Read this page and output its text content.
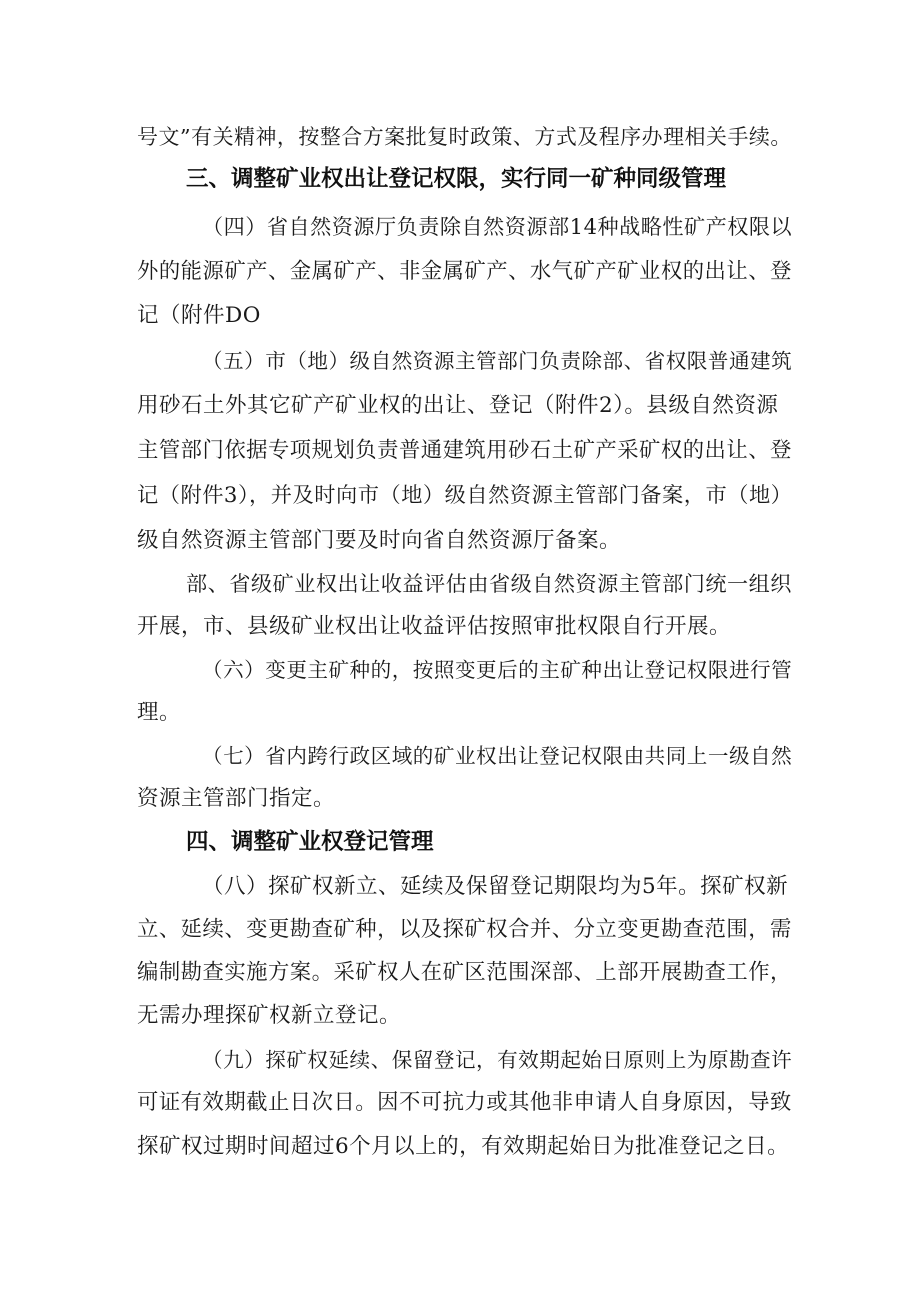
号文”有关精神，按整合方案批复时政策、方式及程序办理相关手续。
三、调整矿业权出让登记权限，实行同一矿种同级管理
（四）省自然资源厅负责除自然资源部14种战略性矿产权限以
外的能源矿产、金属矿产、非金属矿产、水气矿产矿业权的出让、登
记（附件DO
（五）市（地）级自然资源主管部门负责除部、省权限普通建筑
用砂石土外其它矿产矿业权的出让、登记（附件2）。县级自然资源
主管部门依据专项规划负责普通建筑用砂石土矿产采矿权的出让、登
记（附件3），并及时向市（地）级自然资源主管部门备案，市（地）
级自然资源主管部门要及时向省自然资源厅备案。
部、省级矿业权出让收益评估由省级自然资源主管部门统一组织
开展，市、县级矿业权出让收益评估按照审批权限自行开展。
（六）变更主矿种的，按照变更后的主矿种出让登记权限进行管
理。
（七）省内跨行政区域的矿业权出让登记权限由共同上一级自然
资源主管部门指定。
四、调整矿业权登记管理
（八）探矿权新立、延续及保留登记期限均为5年。探矿权新
立、延续、变更勘查矿种，以及探矿权合并、分立变更勘查范围，需
编制勘查实施方案。采矿权人在矿区范围深部、上部开展勘查工作，
无需办理探矿权新立登记。
（九）探矿权延续、保留登记，有效期起始日原则上为原勘查许
可证有效期截止日次日。因不可抗力或其他非申请人自身原因，导致
探矿权过期时间超过6个月以上的，有效期起始日为批准登记之日。
